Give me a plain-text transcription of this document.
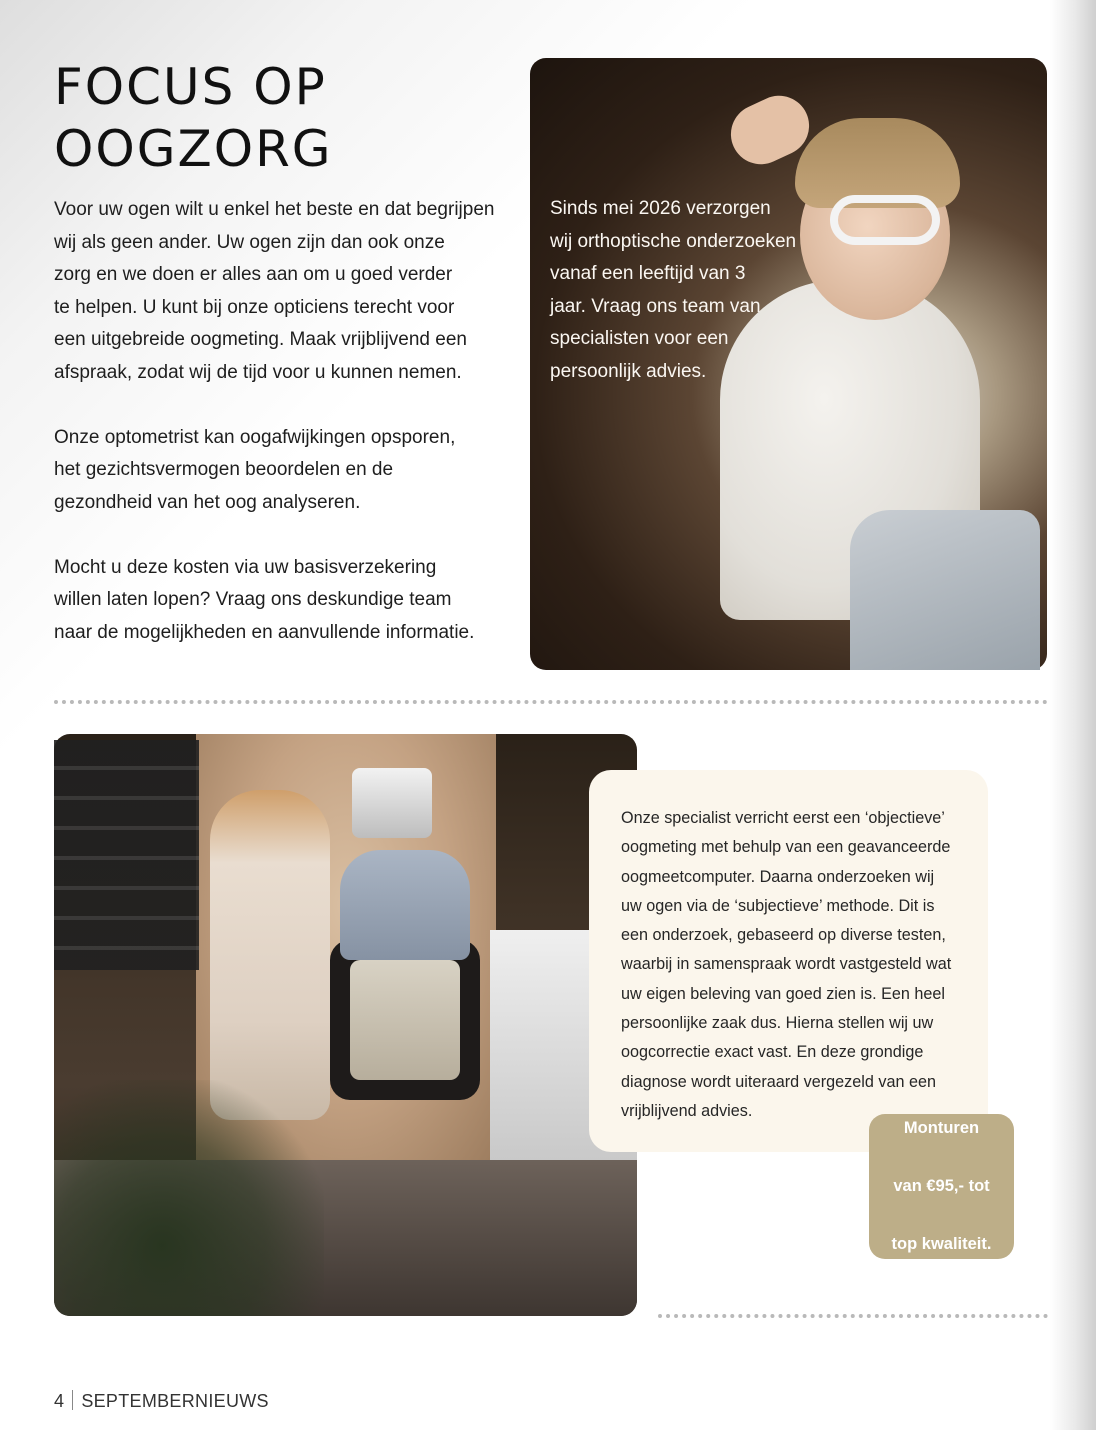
FOCUS OP
OOGZORG

Voor uw ogen wilt u enkel het beste en dat begrijpen
wij als geen ander. Uw ogen zijn dan ook onze
zorg en we doen er alles aan om u goed verder
te helpen. U kunt bij onze opticiens terecht voor
een uitgebreide oogmeting. Maak vrijblijvend een
afspraak, zodat wij de tijd voor u kunnen nemen.

Onze optometrist kan oogafwijkingen opsporen,
het gezichtsvermogen beoordelen en de
gezondheid van het oog analyseren.

Mocht u deze kosten via uw basisverzekering
willen laten lopen? Vraag ons deskundige team
naar de mogelijkheden en aanvullende informatie.

Sinds mei 2026 verzorgen
wij orthoptische onderzoeken
vanaf een leeftijd van 3
jaar. Vraag ons team van
specialisten voor een
persoonlijk advies.
Onze specialist verricht eerst een ‘objectieve’
oogmeting met behulp van een geavanceerde
oogmeetcomputer. Daarna onderzoeken wij
uw ogen via de ‘subjectieve’ methode. Dit is
een onderzoek, gebaseerd op diverse testen,
waarbij in samenspraak wordt vastgesteld wat
uw eigen beleving van goed zien is. Een heel
persoonlijke zaak dus. Hierna stellen wij uw
oogcorrectie exact vast. En deze grondige
diagnose wordt uiteraard vergezeld van een
vrijblijvend advies.
Monturen

van €95,- tot

top kwaliteit.
4 SEPTEMBERNIEUWS
